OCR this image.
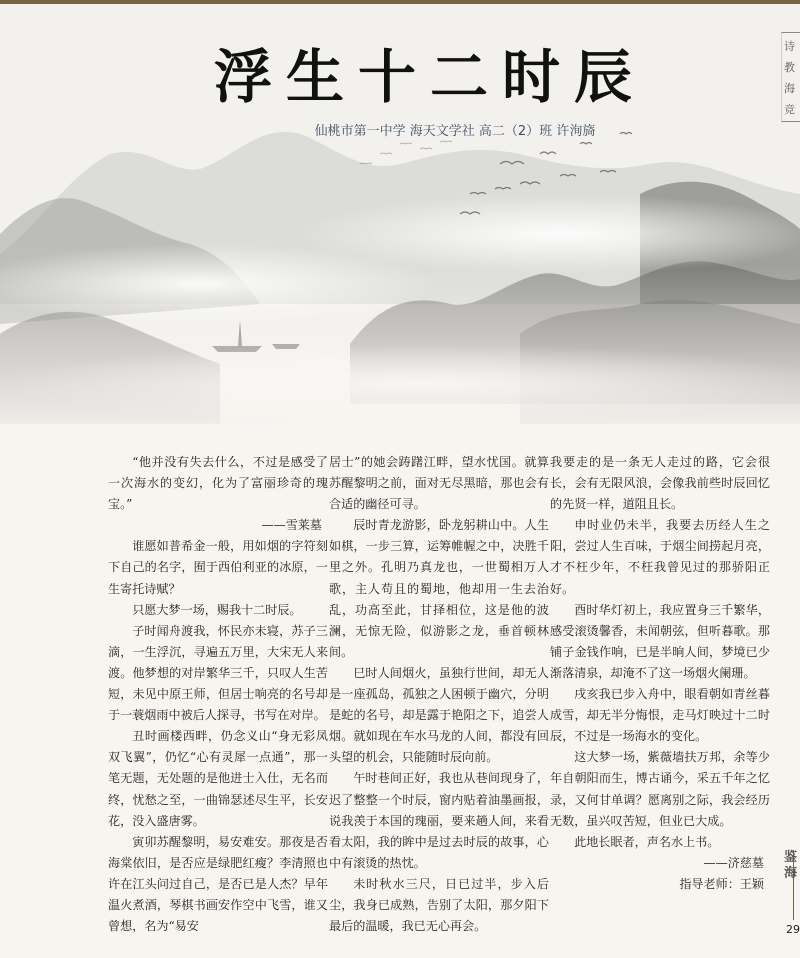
浮生十二时辰
仙桃市第一中学 海天文学社 高二（2）班 许洵旖
诗
教
海
竞

“他并没有失去什么，不过是感受了一次海水的变幻，化为了富丽珍奇的瑰宝。”

——雪莱墓

谁愿如普希金一般，用如烟的字符刻下自己的名字，囿于西伯利亚的冰原，一生寄托诗赋？

只愿大梦一场，赐我十二时辰。

子时闻舟渡我，怀民亦未寝，苏子三滴，一生浮沉，寻遍五万里，大宋无人来渡。他梦想的对岸繁华三千，只叹人生苦短，未见中原王师，但居士响亮的名号却于一蓑烟雨中被后人探寻，书写在对岸。

丑时画楼西畔，仍念义山“身无彩凤双飞翼”，仍忆“心有灵犀一点通”，那一笔无题，无处题的是他进士入仕，无名而终，忧愁之至，一曲锦瑟述尽生平，长安花，没入盛唐雾。

寅卯苏醒黎明，易安难安。那夜是否海棠依旧，是否应是绿肥红瘦？李清照也许在江头问过自己，是否已是人杰？早年温火煮酒，琴棋书画安作空中飞雪，谁又曾想，名为“易安

居士”的她会踌躇江畔，望水忧国。就算苏醒黎明之前，面对无尽黑暗，那也会有合适的幽径可寻。

辰时青龙游影，卧龙躬耕山中。人生如棋，一步三算，运筹帷幄之中，决胜千里之外。孔明乃真龙也，一世蜀相万人歌，主人苟且的蜀地，他却用一生去治乱，功高至此，甘择相位，这是他的波澜，无惊无险，似游影之龙，垂首顿林间。

巳时人间烟火，虽独行世间，却无人是一座孤岛，孤独之人困顿于幽穴，分明是蛇的名号，却是露于艳阳之下，追尝人烟。就如现在车水马龙的人间，都没有回头望的机会，只能随时辰向前。

午时巷间正好，我也从巷间现身了，迟了整整一个时辰，窗内贴着油墨画报，说我羡于本国的瑰丽，要来趟人间，来看看太阳，我的眸中是过去时辰的故事，心中有滚烫的热忱。

未时秋水三尺，日已过半，步入后尘，我身已成熟，告别了太阳，那夕阳下最后的温暖，我已无心再会。

我要走的是一条无人走过的路，它会很长，会有无限风浪，会像我前些时辰回忆的先贤一样，道阻且长。

申时业仍未半，我要去历经人生之阳，尝过人生百味，于烟尘间捞起月亮，才不枉少年，不枉我曾见过的那骄阳正好。

酉时华灯初上，我应置身三千繁华，感受滚烫馨香，未闻朝弦，但听暮歌。那铺子金钱作响，已是半晌人间，梦境已少渐落清泉，却淹不了这一场烟火阑珊。

戌亥我已步入舟中，眼看朝如青丝暮成雪，却无半分悔恨，走马灯映过十二时辰，不过是一场海水的变化。

这大梦一场，紫薇墙扶万邦，余等少年自朝阳而生，博古诵今，采五千年之忆录，又何甘单调？愿离别之际，我会经历无数，虽兴叹苦短，但业已大成。

此地长眠者，声名水上书。

——济慈墓

指导老师：王颖

鉴
海
29
